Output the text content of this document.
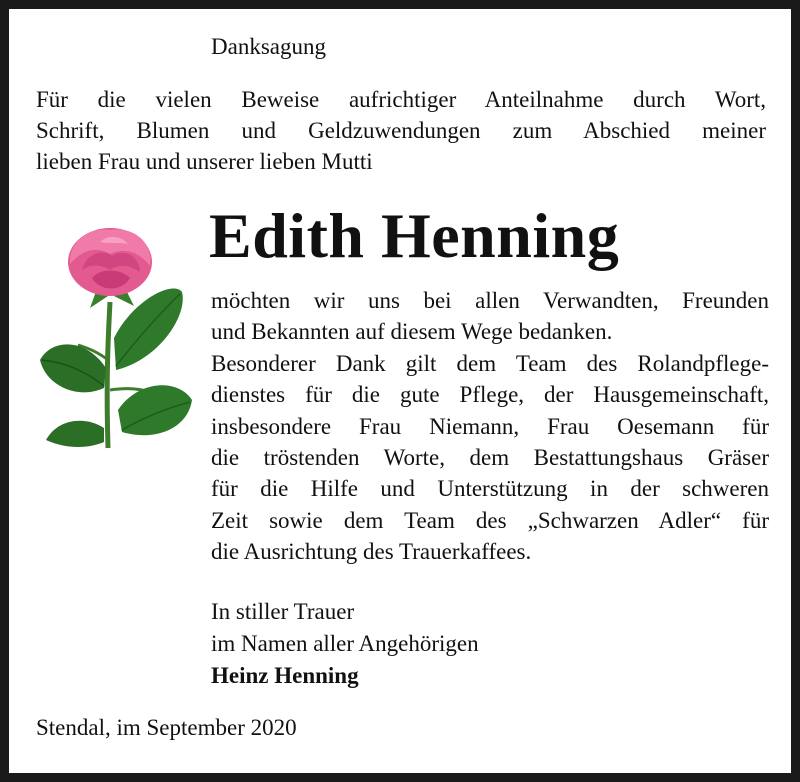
Danksagung
Für die vielen Beweise aufrichtiger Anteilnahme durch Wort,
Schrift, Blumen und Geldzuwendungen zum Abschied meiner
lieben Frau und unserer lieben Mutti
Edith Henning
möchten wir uns bei allen Verwandten, Freunden
und Bekannten auf diesem Wege bedanken.
Besonderer Dank gilt dem Team des Rolandpflege-
dienstes für die gute Pflege, der Hausgemeinschaft,
insbesondere Frau Niemann, Frau Oesemann für
die tröstenden Worte, dem Bestattungshaus Gräser
für die Hilfe und Unterstützung in der schweren
Zeit sowie dem Team des „Schwarzen Adler“ für
die Ausrichtung des Trauerkaffees.
In stiller Trauer
im Namen aller Angehörigen
Heinz Henning
Stendal, im September 2020
